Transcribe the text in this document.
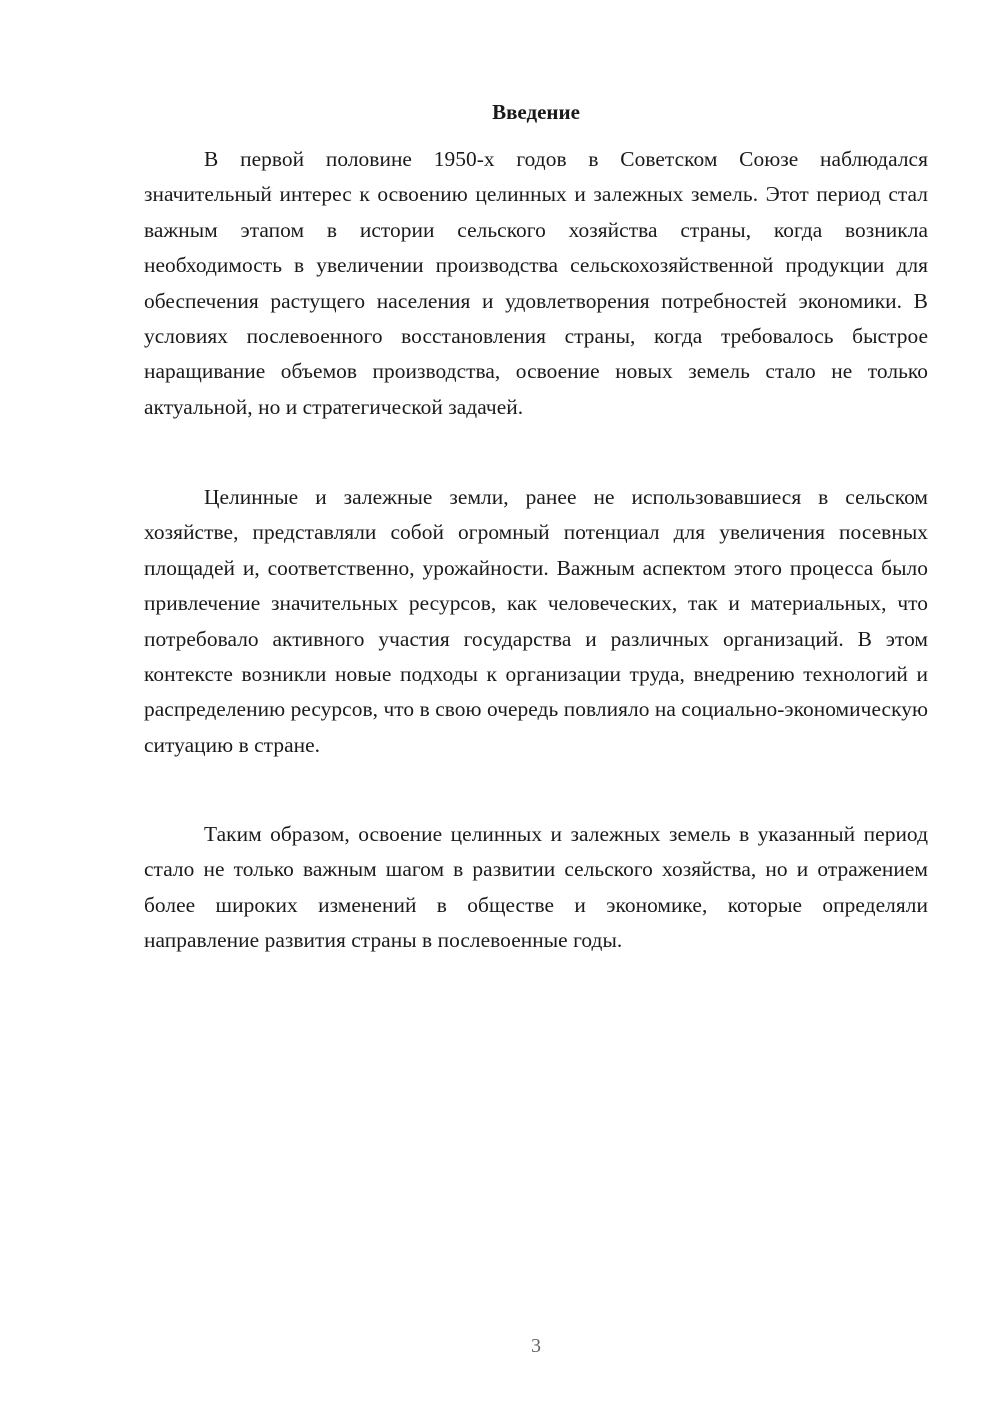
Введение

В первой половине 1950-х годов в Советском Союзе наблюдался значительный интерес к освоению целинных и залежных земель. Этот период стал важным этапом в истории сельского хозяйства страны, когда возникла необходимость в увеличении производства сельскохозяйственной продукции для обеспечения растущего населения и удовлетворения потребностей экономики. В условиях послевоенного восстановления страны, когда требовалось быстрое наращивание объемов производства, освоение новых земель стало не только актуальной, но и стратегической задачей.

Целинные и залежные земли, ранее не использовавшиеся в сельском хозяйстве, представляли собой огромный потенциал для увеличения посевных площадей и, соответственно, урожайности. Важным аспектом этого процесса было привлечение значительных ресурсов, как человеческих, так и материальных, что потребовало активного участия государства и различных организаций. В этом контексте возникли новые подходы к организации труда, внедрению технологий и распределению ресурсов, что в свою очередь повлияло на социально-экономическую ситуацию в стране.

Таким образом, освоение целинных и залежных земель в указанный период стало не только важным шагом в развитии сельского хозяйства, но и отражением более широких изменений в обществе и экономике, которые определяли направление развития страны в послевоенные годы.

3
